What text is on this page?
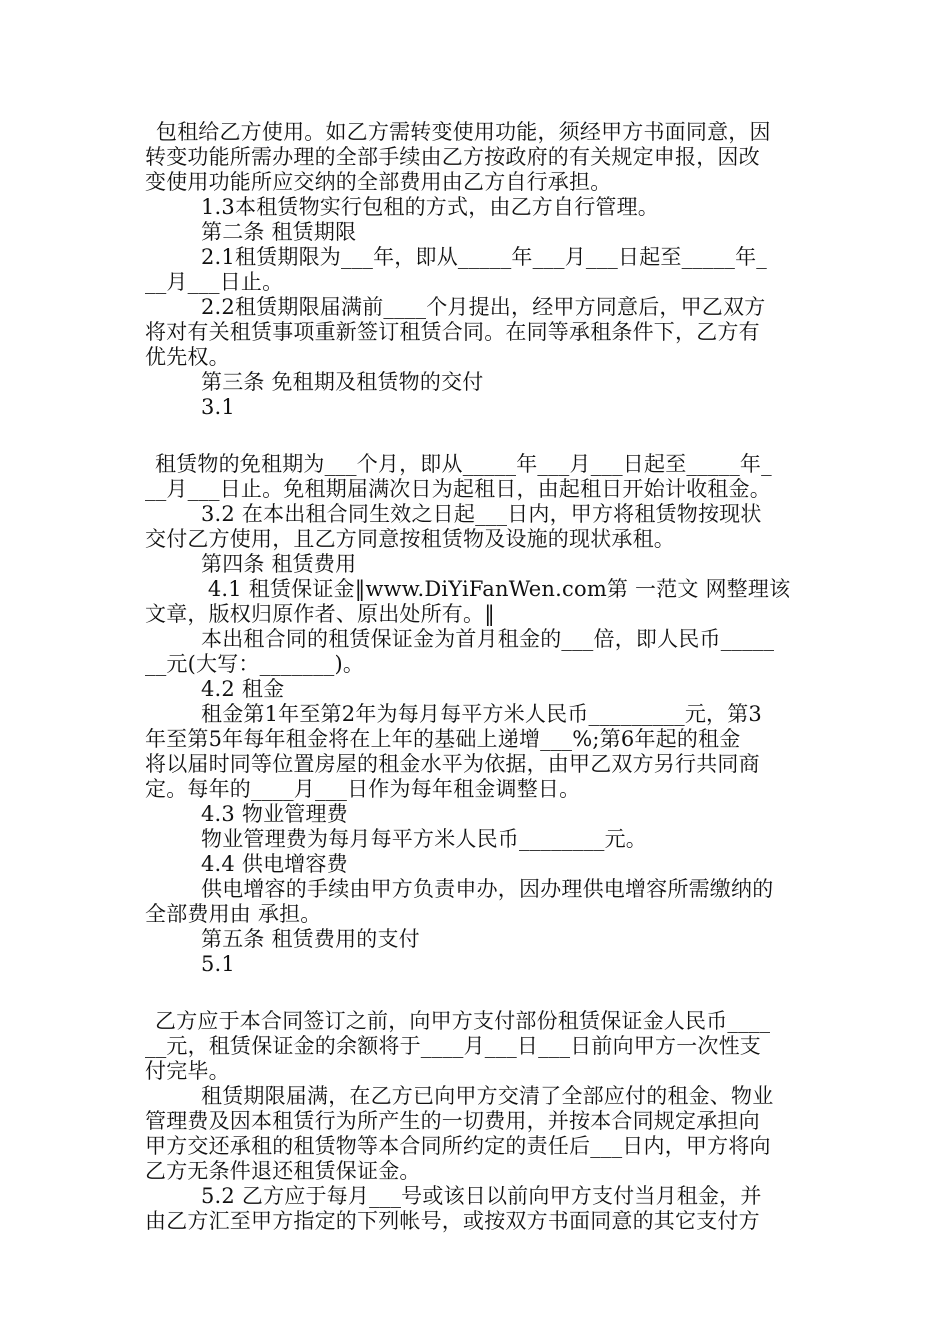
包租给乙方使用。如乙方需转变使用功能，须经甲方书面同意，因
转变功能所需办理的全部手续由乙方按政府的有关规定申报，因改
变使用功能所应交纳的全部费用由乙方自行承担。
1.3本租赁物实行包租的方式，由乙方自行管理。
第二条 租赁期限
2.1租赁期限为___年，即从_____年___月___日起至_____年_
__月___日止。
2.2租赁期限届满前____个月提出，经甲方同意后，甲乙双方
将对有关租赁事项重新签订租赁合同。在同等承租条件下，乙方有
优先权。
第三条 免租期及租赁物的交付
3.1
租赁物的免租期为___个月，即从_____年___月___日起至_____年_
__月___日止。免租期届满次日为起租日，由起租日开始计收租金。
3.2 在本出租合同生效之日起___日内，甲方将租赁物按现状
交付乙方使用，且乙方同意按租赁物及设施的现状承租。
第四条 租赁费用
4.1 租赁保证金‖www.DiYiFanWen.com第 一范文 网整理该
文章，版权归原作者、原出处所有。‖
本出租合同的租赁保证金为首月租金的___倍，即人民币_____
__元(大写：_______)。
4.2 租金
租金第1年至第2年为每月每平方米人民币_________元，第3
年至第5年每年租金将在上年的基础上递增___%;第6年起的租金
将以届时同等位置房屋的租金水平为依据，由甲乙双方另行共同商
定。每年的____月___日作为每年租金调整日。
4.3 物业管理费
物业管理费为每月每平方米人民币________元。
4.4 供电增容费
供电增容的手续由甲方负责申办，因办理供电增容所需缴纳的
全部费用由 承担。
第五条 租赁费用的支付
5.1
乙方应于本合同签订之前，向甲方支付部份租赁保证金人民币____
__元，租赁保证金的余额将于____月___日___日前向甲方一次性支
付完毕。
租赁期限届满，在乙方已向甲方交清了全部应付的租金、物业
管理费及因本租赁行为所产生的一切费用，并按本合同规定承担向
甲方交还承租的租赁物等本合同所约定的责任后___日内，甲方将向
乙方无条件退还租赁保证金。
5.2 乙方应于每月___号或该日以前向甲方支付当月租金，并
由乙方汇至甲方指定的下列帐号，或按双方书面同意的其它支付方
